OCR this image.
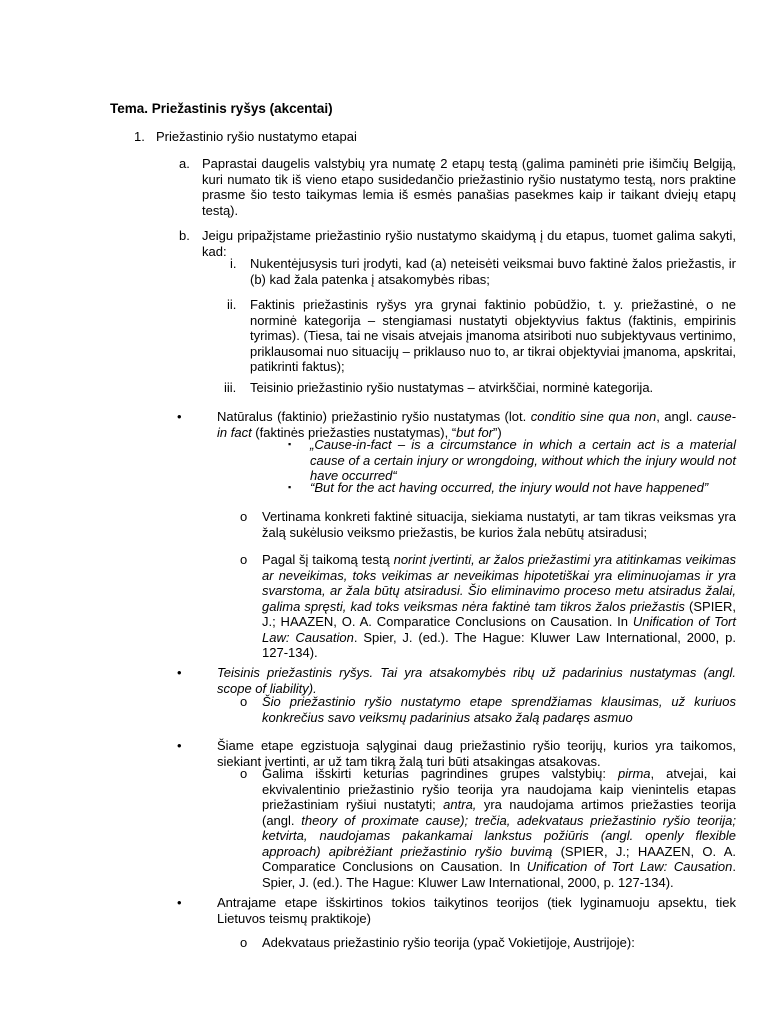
Tema. Priežastinis ryšys (akcentai)
1. Priežastinio ryšio nustatymo etapai
a. Paprastai daugelis valstybių yra numatę 2 etapų testą (galima paminėti prie išimčių Belgiją, kuri numato tik iš vieno etapo susidedančio priežastinio ryšio nustatymo testą, nors praktine prasme šio testo taikymas lemia iš esmės panašias pasekmes kaip ir taikant dviejų etapų testą).
b. Jeigu pripažįstame priežastinio ryšio nustatymo skaidymą į du etapus, tuomet galima sakyti, kad:
i. Nukentėjusysis turi įrodyti, kad (a) neteisėti veiksmai buvo faktinė žalos priežastis, ir (b) kad žala patenka į atsakomybės ribas;
ii. Faktinis priežastinis ryšys yra grynai faktinio pobūdžio, t. y. priežastinė, o ne norminė kategorija – stengiamasi nustatyti objektyvius faktus (faktinis, empirinis tyrimas). (Tiesa, tai ne visais atvejais įmanoma atsiriboti nuo subjektyvaus vertinimo, priklausomai nuo situacijų – priklauso nuo to, ar tikrai objektyviai įmanoma, apskritai, patikrinti faktus);
iii. Teisinio priežastinio ryšio nustatymas – atvirkščiai, norminė kategorija.
•	Natūralus (faktinio) priežastinio ryšio nustatymas (lot. conditio sine qua non, angl. cause-in fact (faktinės priežasties nustatymas), “but for”)
▪ „Cause-in-fact – is a circumstance in which a certain act is a material cause of a certain injury or wrongdoing, without which the injury would not have occurred“
▪ “But for the act having occurred, the injury would not have happened”
o Vertinama konkreti faktinė situacija, siekiama nustatyti, ar tam tikras veiksmas yra žalą sukėlusio veiksmo priežastis, be kurios žala nebūtų atsiradusi;
o Pagal šį taikomą testą norint įvertinti, ar žalos priežastimi yra atitinkamas veikimas ar neveikimas, toks veikimas ar neveikimas hipotetiškai yra eliminuojamas ir yra svarstoma, ar žala būtų atsiradusi. Šio eliminavimo proceso metu atsiradus žalai, galima spręsti, kad toks veiksmas nėra faktinė tam tikros žalos priežastis (SPIER, J.; HAAZEN, O. A. Comparatice Conclusions on Causation. In Unification of Tort Law: Causation. Spier, J. (ed.). The Hague: Kluwer Law International, 2000, p. 127-134).
•	Teisinis priežastinis ryšys. Tai yra atsakomybės ribų už padarinius nustatymas (angl. scope of liability).
o Šio priežastinio ryšio nustatymo etape sprendžiamas klausimas, už kuriuos konkrečius savo veiksmų padarinius atsako žalą padaręs asmuo
•	Šiame etape egzistuoja sąlyginai daug priežastinio ryšio teorijų, kurios yra taikomos, siekiant įvertinti, ar už tam tikrą žalą turi būti atsakingas atsakovas.
o Galima išskirti keturias pagrindines grupes valstybių: pirma, atvejai, kai ekvivalentinio priežastinio ryšio teorija yra naudojama kaip vienintelis etapas priežastiniam ryšiui nustatyti; antra, yra naudojama artimos priežasties teorija (angl. theory of proximate cause); trečia, adekvataus priežastinio ryšio teorija; ketvirta, naudojamas pakankamai lankstus požiūris (angl. openly flexible approach) apibrėžiant priežastinio ryšio buvimą (SPIER, J.; HAAZEN, O. A. Comparatice Conclusions on Causation. In Unification of Tort Law: Causation. Spier, J. (ed.). The Hague: Kluwer Law International, 2000, p. 127-134).
•	Antrajame etape išskirtinos tokios taikytinos teorijos (tiek lyginamuoju apsektu, tiek Lietuvos teismų praktikoje)
o Adekvataus priežastinio ryšio teorija (ypač Vokietijoje, Austrijoje):
